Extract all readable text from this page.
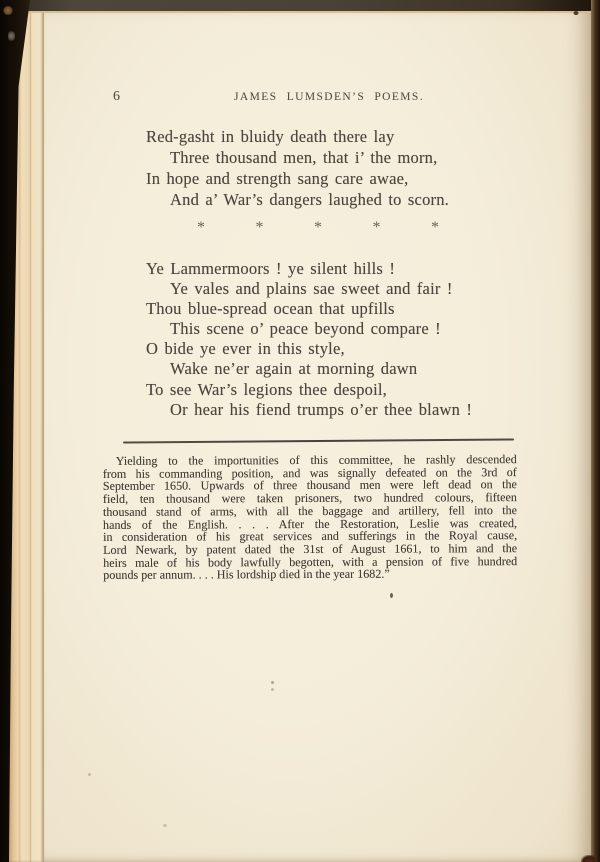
6	JAMES LUMSDEN’S POEMS.
Red-gasht in bluidy death there lay
Three thousand men, that i’ the morn,
In hope and strength sang care awae,
And a’ War’s dangers laughed to scorn.
*	*	*	*	*
Ye Lammermoors ! ye silent hills !
Ye vales and plains sae sweet and fair !
Thou blue-spread ocean that upfills
This scene o’ peace beyond compare !
O bide ye ever in this style,
Wake ne’er again at morning dawn
To see War’s legions thee despoil,
Or hear his fiend trumps o’er thee blawn !
Yielding to the importunities of this committee, he rashly descended
from his commanding position, and was signally defeated on the 3rd of
September 1650. Upwards of three thousand men were left dead on the
field, ten thousand were taken prisoners, two hundred colours, fifteen
thousand stand of arms, with all the baggage and artillery, fell into the
hands of the English. . . . After the Restoration, Leslie was created,
in consideration of his great services and sufferings in the Royal cause,
Lord Newark, by patent dated the 31st of August 1661, to him and the
heirs male of his body lawfully begotten, with a pension of five hundred
pounds per annum. . . . His lordship died in the year 1682.”
